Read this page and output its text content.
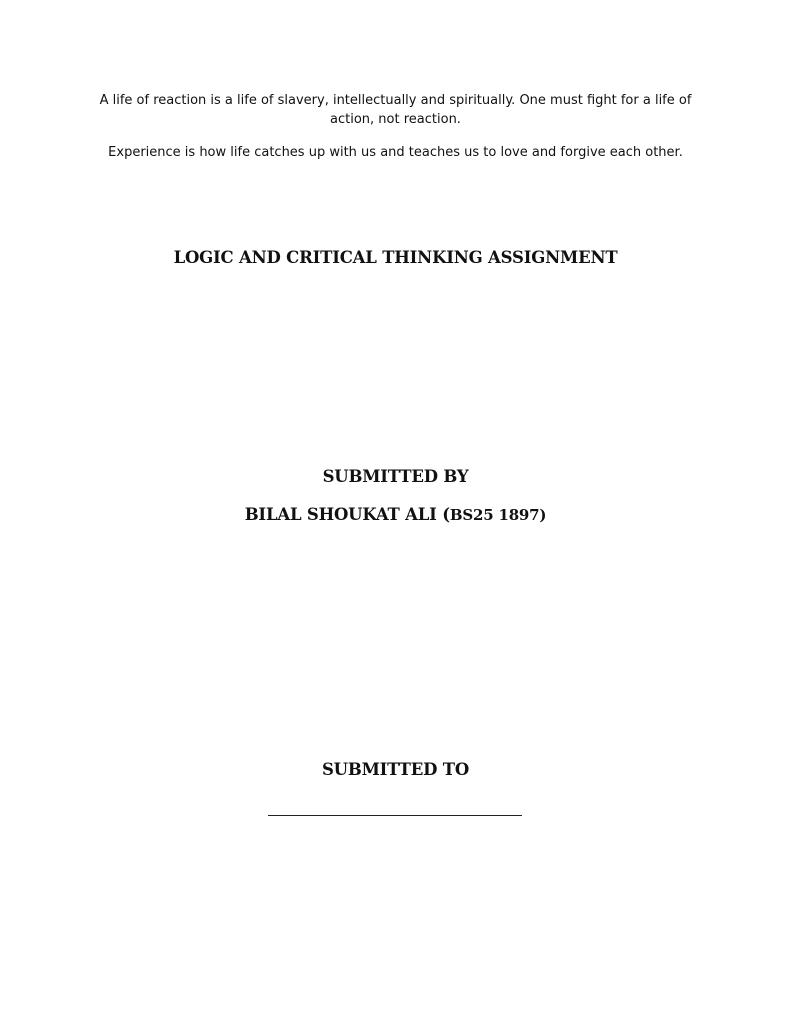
A life of reaction is a life of slavery, intellectually and spiritually. One must fight for a life of action, not reaction.

Experience is how life catches up with us and teaches us to love and forgive each other.

LOGIC AND CRITICAL THINKING ASSIGNMENT
SUBMITTED BY
BILAL SHOUKAT ALI (BS25 1897)
SUBMITTED TO
